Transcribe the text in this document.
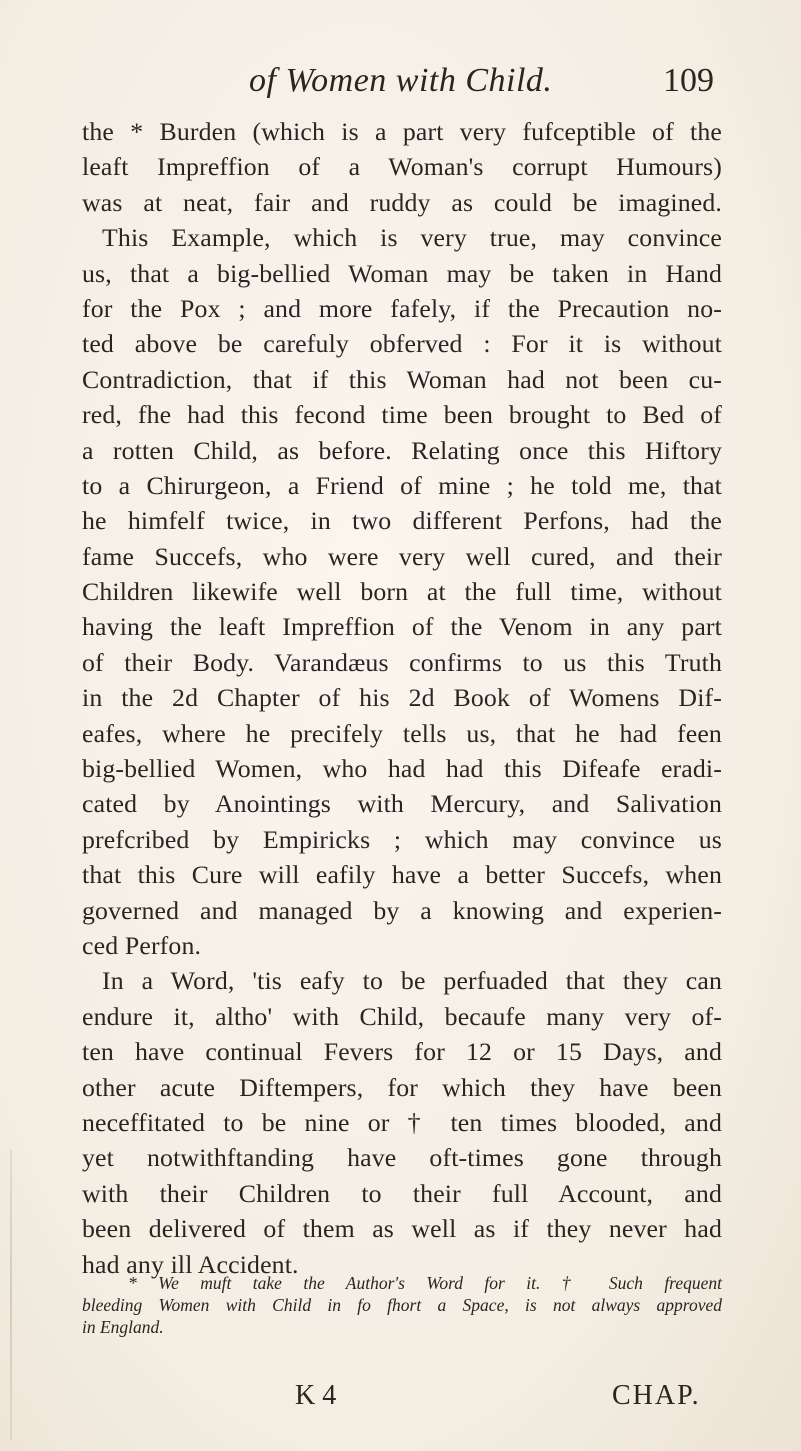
of Women with Child.	109
the * Burden (which is a part very fufceptible of the
leaft Impreffion of a Woman's corrupt Humours)
was at neat, fair and ruddy as could be imagined.
This Example, which is very true, may convince
us, that a big-bellied Woman may be taken in Hand
for the Pox ; and more fafely, if the Precaution no-
ted above be carefuly obferved : For it is without
Contradiction, that if this Woman had not been cu-
red, fhe had this fecond time been brought to Bed of
a rotten Child, as before. Relating once this Hiftory
to a Chirurgeon, a Friend of mine ; he told me, that
he himfelf twice, in two different Perfons, had the
fame Succefs, who were very well cured, and their
Children likewife well born at the full time, without
having the leaft Impreffion of the Venom in any part
of their Body. Varandæus confirms to us this Truth
in the 2d Chapter of his 2d Book of Womens Dif-
eafes, where he precifely tells us, that he had feen
big-bellied Women, who had had this Difeafe eradi-
cated by Anointings with Mercury, and Salivation
prefcribed by Empiricks ; which may convince us
that this Cure will eafily have a better Succefs, when
governed and managed by a knowing and experien-
ced Perfon.
In a Word, 'tis eafy to be perfuaded that they can
endure it, altho' with Child, becaufe many very of-
ten have continual Fevers for 12 or 15 Days, and
other acute Diftempers, for which they have been
neceffitated to be nine or † ten times blooded, and
yet notwithftanding have oft-times gone through
with their Children to their full Account, and
been delivered of them as well as if they never had
had any ill Accident.
* We muft take the Author's Word for it. † Such frequent
bleeding Women with Child in fo fhort a Space, is not always approved
in England.
K 4	CHAP.
